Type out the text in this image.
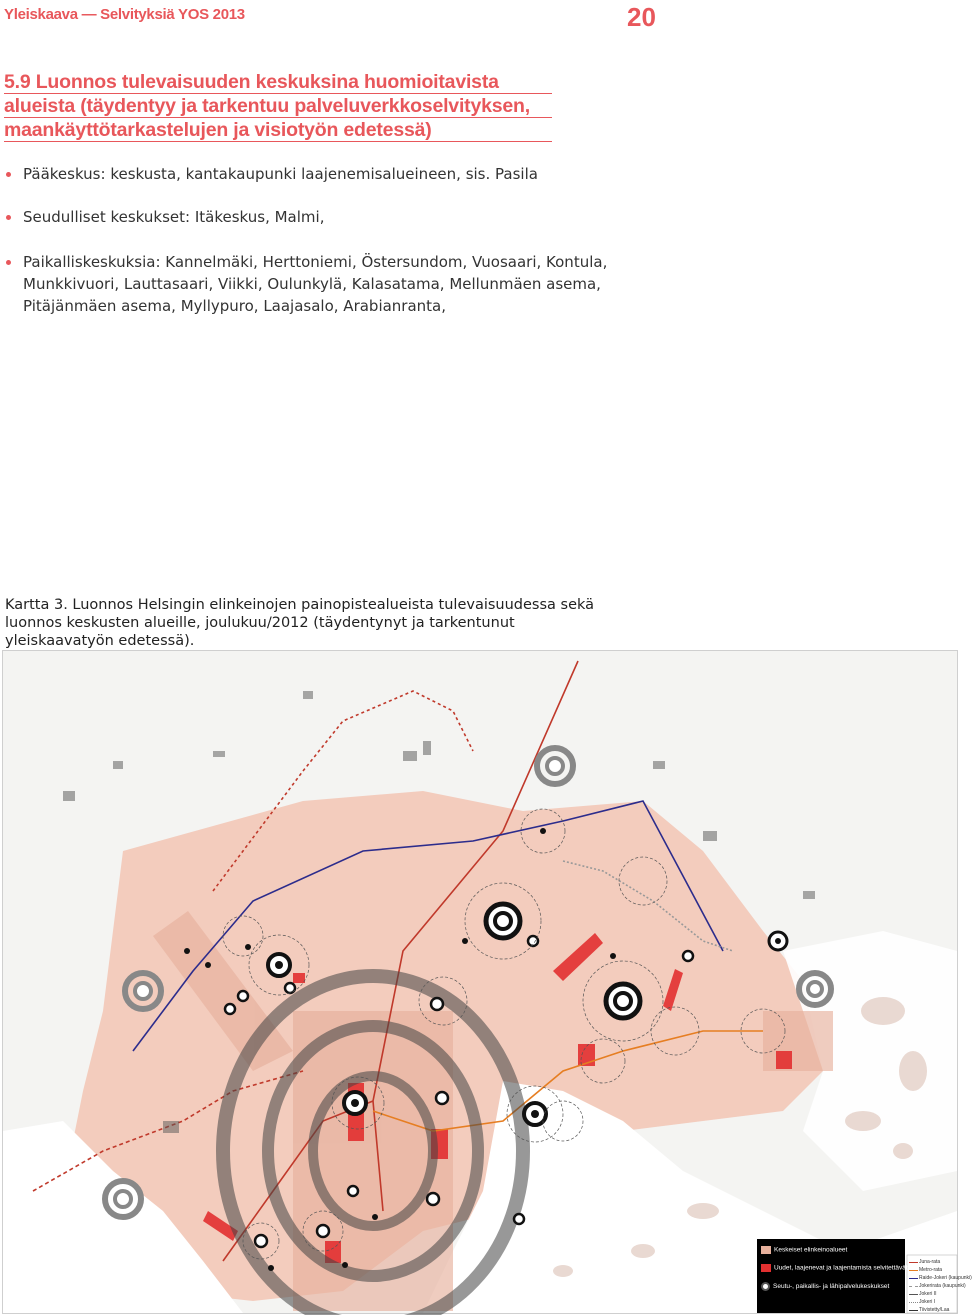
Yleiskaava — Selvityksiä YOS 2013	20
5.9 Luonnos tulevaisuuden keskuksina huomioitavista
alueista (täydentyy ja tarkentuu palveluverkkoselvityksen,
maankäyttötarkastelujen ja visiotyön edetessä)
Pääkeskus: keskusta, kantakaupunki laajenemisalueineen, sis. Pasila
Seudulliset keskukset: Itäkeskus, Malmi,
Paikalliskeskuksia: Kannelmäki, Herttoniemi, Östersundom, Vuosaari, Kontula, Munkkivuori, Lauttasaari, Viikki, Oulunkylä, Kalasatama, Mellunmäen asema, Pitäjänmäen asema, Myllypuro, Laajasalo, Arabianranta,
Kartta 3. Luonnos Helsingin elinkeinojen painopistealueista tulevaisuudessa sekä luonnos keskusten alueille, joulukuu/2012 (täydentynyt ja tarkentunut yleiskaavatyön edetessä).
Keskeiset elinkeinoalueet
Uudet, laajenevat ja laajentamista selvitettävät alueet
Seutu-, paikallis- ja lähipalvelukeskukset
Juna-rata
Metro-rata
Raide-Jokeri (kaupunki)
Jokerirata (kaupunki)
Jokeri II
Jokeri I
Tiivistetty/Laa
